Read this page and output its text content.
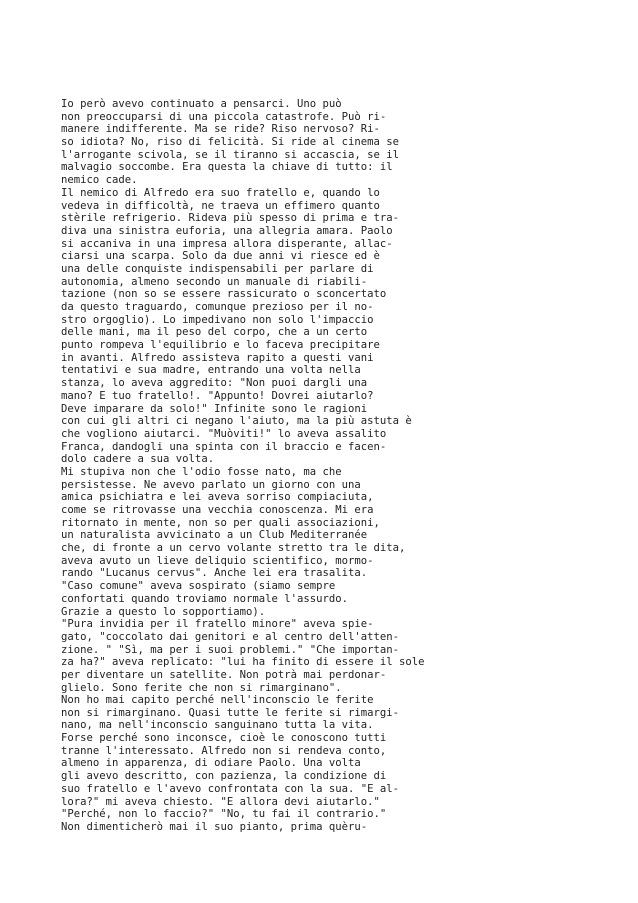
Io però avevo continuato a pensarci. Uno può
non preoccuparsi di una piccola catastrofe. Può ri-
manere indifferente. Ma se ride? Riso nervoso? Ri-
so idiota? No, riso di felicità. Si ride al cinema se
l'arrogante scivola, se il tiranno si accascia, se il
malvagio soccombe. Era questa la chiave di tutto: il
nemico cade.
Il nemico di Alfredo era suo fratello e, quando lo
vedeva in difficoltà, ne traeva un effimero quanto
stèrile refrigerio. Rideva più spesso di prima e tra-
diva una sinistra euforia, una allegria amara. Paolo
si accaniva in una impresa allora disperante, allac-
ciarsi una scarpa. Solo da due anni vi riesce ed è
una delle conquiste indispensabili per parlare di
autonomia, almeno secondo un manuale di riabili-
tazione (non so se essere rassicurato o sconcertato
da questo traguardo, comunque prezioso per il no-
stro orgoglio). Lo impedivano non solo l'impaccio
delle mani, ma il peso del corpo, che a un certo
punto rompeva l'equilibrio e lo faceva precipitare
in avanti. Alfredo assisteva rapito a questi vani
tentativi e sua madre, entrando una volta nella
stanza, lo aveva aggredito: "Non puoi dargli una
mano? E tuo fratello!. "Appunto! Dovrei aiutarlo?
Deve imparare da solo!" Infinite sono le ragioni
con cui gli altri ci negano l'aiuto, ma la più astuta è
che vogliono aiutarci. "Muòviti!" lo aveva assalito
Franca, dandogli una spinta con il braccio e facen-
dolo cadere a sua volta.
Mi stupiva non che l'odio fosse nato, ma che
persistesse. Ne avevo parlato un giorno con una
amica psichiatra e lei aveva sorriso compiaciuta,
come se ritrovasse una vecchia conoscenza. Mi era
ritornato in mente, non so per quali associazioni,
un naturalista avvicinato a un Club Mediterranée
che, di fronte a un cervo volante stretto tra le dita,
aveva avuto un lieve deliquio scientifico, mormo-
rando "Lucanus cervus". Anche lei era trasalita.
"Caso comune" aveva sospirato (siamo sempre
confortati quando troviamo normale l'assurdo.
Grazie a questo lo sopportiamo).
"Pura invidia per il fratello minore" aveva spie-
gato, "coccolato dai genitori e al centro dell'atten-
zione. " "Sì, ma per i suoi problemi." "Che importan-
za ha?" aveva replicato: "lui ha finito di essere il sole
per diventare un satellite. Non potrà mai perdonar-
glielo. Sono ferite che non si rimarginano".
Non ho mai capito perché nell'inconscio le ferite
non si rimarginano. Quasi tutte le ferite si rimargi-
nano, ma nell'inconscio sanguinano tutta la vita.
Forse perché sono inconsce, cioè le conoscono tutti
tranne l'interessato. Alfredo non si rendeva conto,
almeno in apparenza, di odiare Paolo. Una volta
gli avevo descritto, con pazienza, la condizione di
suo fratello e l'avevo confrontata con la sua. "E al-
lora?" mi aveva chiesto. "E allora devi aiutarlo."
"Perché, non lo faccio?" "No, tu fai il contrario."
Non dimenticherò mai il suo pianto, prima quèru-
